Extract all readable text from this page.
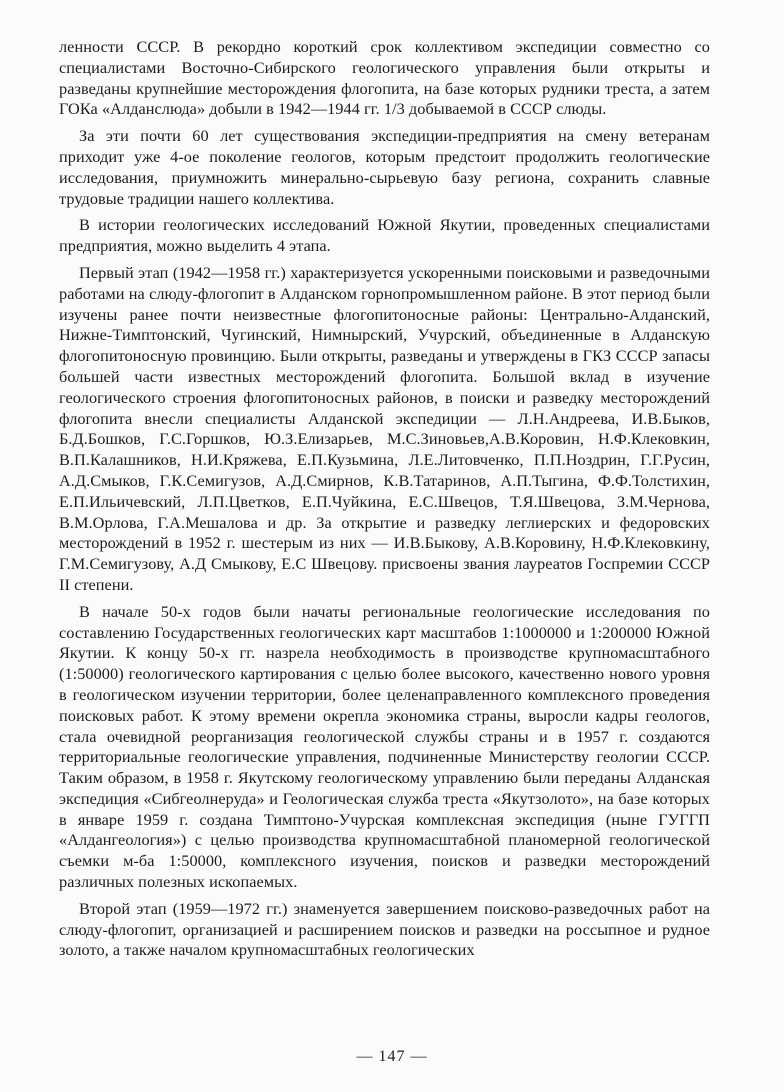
ленности СССР. В рекордно короткий срок коллективом экспедиции совместно со специалистами Восточно-Сибирского геологического управления были открыты и разведаны крупнейшие месторождения флогопита, на базе которых рудники треста, а затем ГОКа «Алданслюда» добыли в 1942—1944 гг. 1/3 добываемой в СССР слюды.

За эти почти 60 лет существования экспедиции-предприятия на смену ветеранам приходит уже 4-ое поколение геологов, которым предстоит продолжить геологические исследования, приумножить минерально-сырьевую базу региона, сохранить славные трудовые традиции нашего коллектива.

В истории геологических исследований Южной Якутии, проведенных специалистами предприятия, можно выделить 4 этапа.

Первый этап (1942—1958 гг.) характеризуется ускоренными поисковыми и разведочными работами на слюду-флогопит в Алданском горнопромышленном районе. В этот период были изучены ранее почти неизвестные флогопитоносные районы: Центрально-Алданский, Нижне-Тимптонский, Чугинский, Нимнырский, Учурский, объединенные в Алданскую флогопитоносную провинцию. Были открыты, разведаны и утверждены в ГКЗ СССР запасы большей части известных месторождений флогопита. Большой вклад в изучение геологического строения флогопитоносных районов, в поиски и разведку месторождений флогопита внесли специалисты Алданской экспедиции — Л.Н.Андреева, И.В.Быков, Б.Д.Бошков, Г.С.Горшков, Ю.З.Елизарьев, М.С.Зиновьев,А.В.Коровин, Н.Ф.Клековкин, В.П.Калашников, Н.И.Кряжева, Е.П.Кузьмина, Л.Е.Литовченко, П.П.Ноздрин, Г.Г.Русин, А.Д.Смыков, Г.К.Семигузов, А.Д.Смирнов, К.В.Татаринов, А.П.Тыгина, Ф.Ф.Толстихин, Е.П.Ильичевский, Л.П.Цветков, Е.П.Чуйкина, Е.С.Швецов, Т.Я.Швецова, З.М.Чернова, В.М.Орлова, Г.А.Мешалова и др. За открытие и разведку леглиерских и федоровских месторождений в 1952 г. шестерым из них — И.В.Быкову, А.В.Коровину, Н.Ф.Клековкину, Г.М.Семигузову, А.Д Смыкову, Е.С Швецову. присвоены звания лауреатов Госпремии СССР II степени.

В начале 50-х годов были начаты региональные геологические исследования по составлению Государственных геологических карт масштабов 1:1000000 и 1:200000 Южной Якутии. К концу 50-х гг. назрела необходимость в производстве крупномасштабного (1:50000) геологического картирования с целью более высокого, качественно нового уровня в геологическом изучении территории, более целенаправленного комплексного проведения поисковых работ. К этому времени окрепла экономика страны, выросли кадры геологов, стала очевидной реорганизация геологической службы страны и в 1957 г. создаются территориальные геологические управления, подчиненные Министерству геологии СССР. Таким образом, в 1958 г. Якутскому геологическому управлению были переданы Алданская экспедиция «Сибгеолнеруда» и Геологическая служба треста «Якутзолото», на базе которых в январе 1959 г. создана Тимптоно-Учурская комплексная экспедиция (ныне ГУГГП «Алдангеология») с целью производства крупномасштабной планомерной геологической съемки м-ба 1:50000, комплексного изучения, поисков и разведки месторождений различных полезных ископаемых.

Второй этап (1959—1972 гг.) знаменуется завершением поисково-разведочных работ на слюду-флогопит, организацией и расширением поисков и разведки на россыпное и рудное золото, а также началом крупномасштабных геологических

— 147 —
